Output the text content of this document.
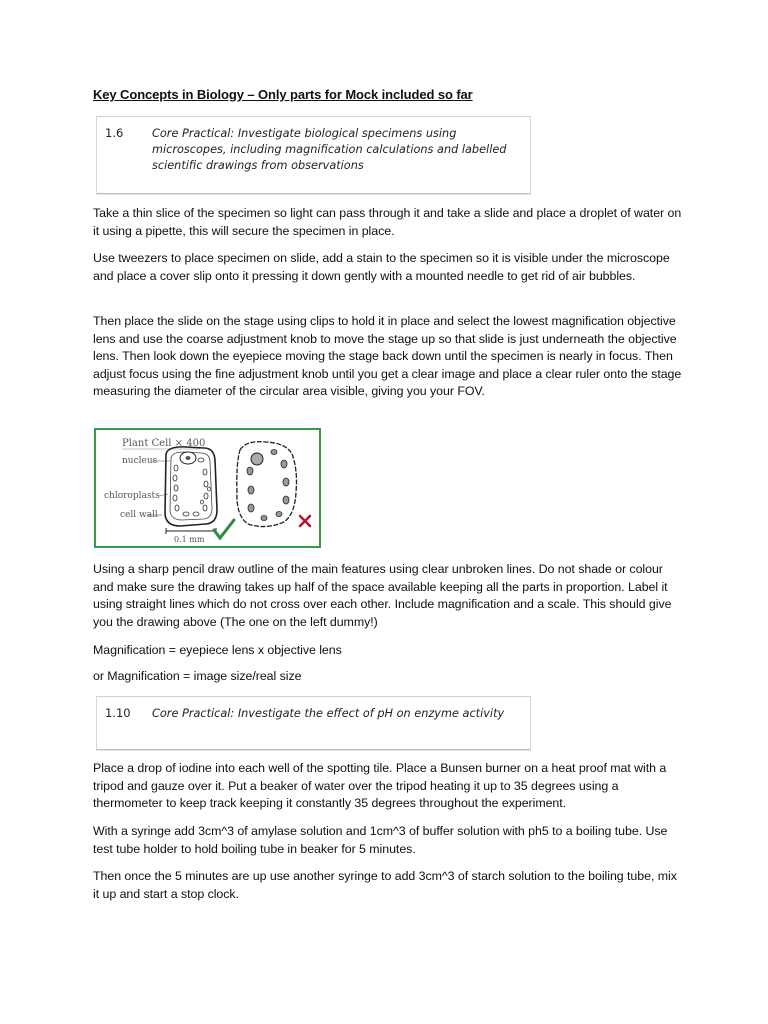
Key Concepts in Biology – Only parts for Mock included so far
1.6	Core Practical: Investigate biological specimens using
microscopes, including magnification calculations and labelled
scientific drawings from observations

Take a thin slice of the specimen so light can pass through it and take a slide and place a droplet of water on it using a pipette, this will secure the specimen in place.

Use tweezers to place specimen on slide, add a stain to the specimen so it is visible under the microscope and place a cover slip onto it pressing it down gently with a mounted needle to get rid of air bubbles.

Then place the slide on the stage using clips to hold it in place and select the lowest magnification objective lens and use the coarse adjustment knob to move the stage up so that slide is just underneath the objective lens. Then look down the eyepiece moving the stage back down until the specimen is nearly in focus. Then adjust focus using the fine adjustment knob until you get a clear image and place a clear ruler onto the stage measuring the diameter of the circular area visible, giving you your FOV.

Plant Cell × 400
nucleus
chloroplasts
cell wall
0.1 mm

Using a sharp pencil draw outline of the main features using clear unbroken lines. Do not shade or colour and make sure the drawing takes up half of the space available keeping all the parts in proportion. Label it using straight lines which do not cross over each other. Include magnification and a scale. This should give you the drawing above (The one on the left dummy!)

Magnification = eyepiece lens x objective lens

or Magnification = image size/real size

1.10 Core Practical: Investigate the effect of pH on enzyme activity

Place a drop of iodine into each well of the spotting tile. Place a Bunsen burner on a heat proof mat with a tripod and gauze over it. Put a beaker of water over the tripod heating it up to 35 degrees using a thermometer to keep track keeping it constantly 35 degrees throughout the experiment.

With a syringe add 3cm^3 of amylase solution and 1cm^3 of buffer solution with ph5 to a boiling tube. Use test tube holder to hold boiling tube in beaker for 5 minutes.

Then once the 5 minutes are up use another syringe to add 3cm^3 of starch solution to the boiling tube, mix it up and start a stop clock.
